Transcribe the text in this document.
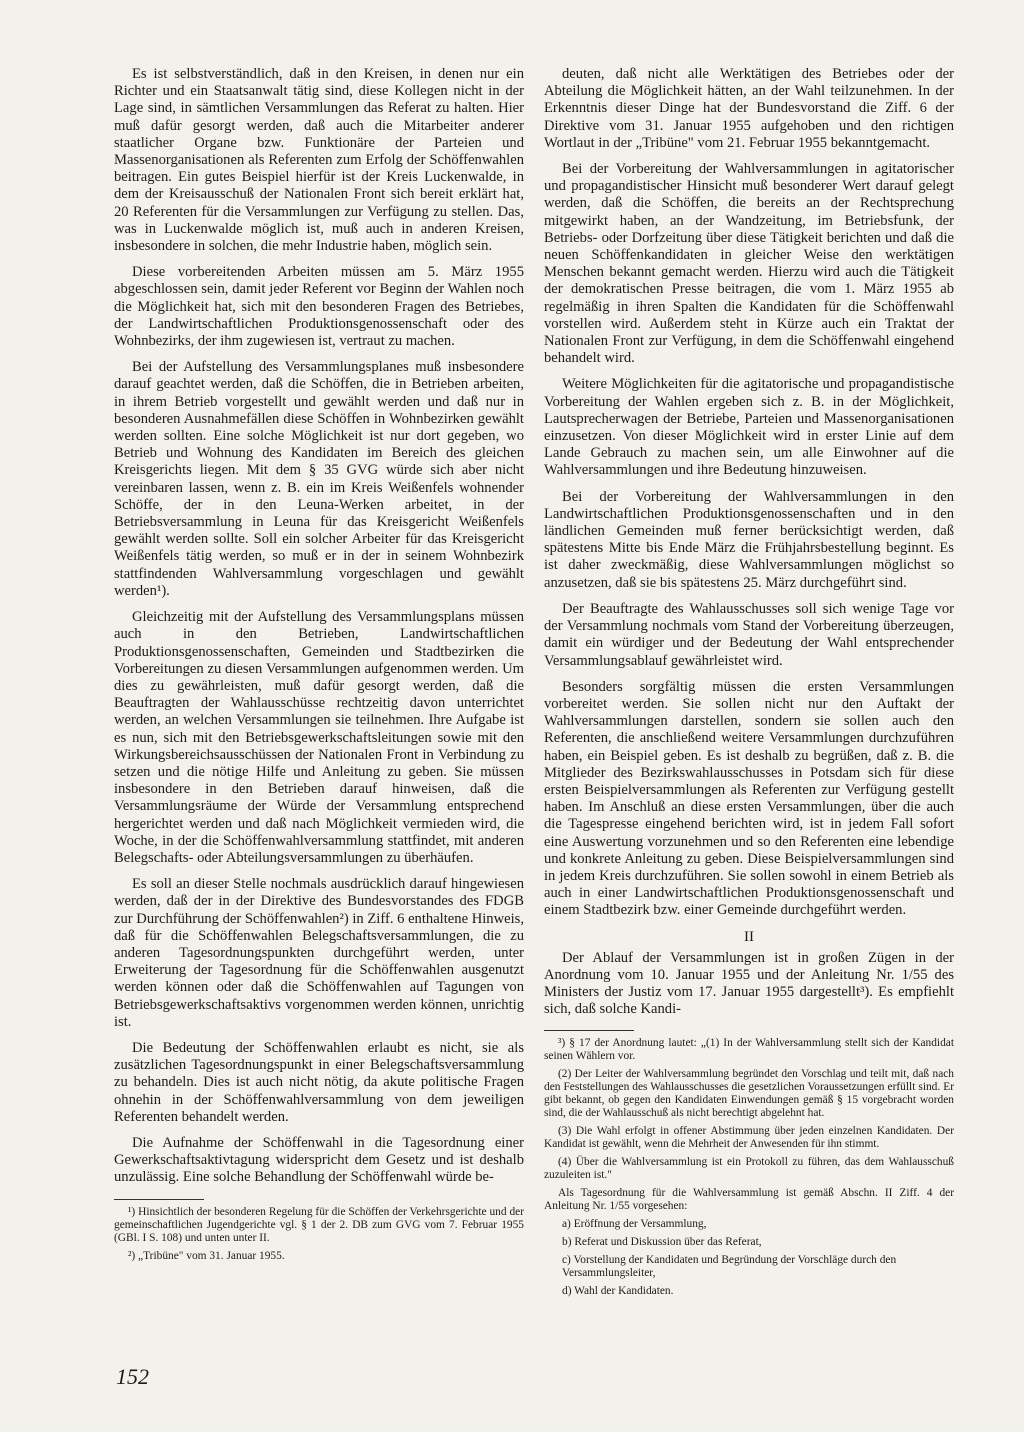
Es ist selbstverständlich, daß in den Kreisen, in denen nur ein Richter und ein Staatsanwalt tätig sind, diese Kollegen nicht in der Lage sind, in sämtlichen Versammlungen das Referat zu halten. Hier muß dafür gesorgt werden, daß auch die Mitarbeiter anderer staatlicher Organe bzw. Funktionäre der Parteien und Massenorganisationen als Referenten zum Erfolg der Schöffenwahlen beitragen. Ein gutes Beispiel hierfür ist der Kreis Luckenwalde, in dem der Kreisausschuß der Nationalen Front sich bereit erklärt hat, 20 Referenten für die Versammlungen zur Verfügung zu stellen. Das, was in Luckenwalde möglich ist, muß auch in anderen Kreisen, insbesondere in solchen, die mehr Industrie haben, möglich sein.

Diese vorbereitenden Arbeiten müssen am 5. März 1955 abgeschlossen sein, damit jeder Referent vor Beginn der Wahlen noch die Möglichkeit hat, sich mit den besonderen Fragen des Betriebes, der Landwirtschaftlichen Produktionsgenossenschaft oder des Wohnbezirks, der ihm zugewiesen ist, vertraut zu machen.

Bei der Aufstellung des Versammlungsplanes muß insbesondere darauf geachtet werden, daß die Schöffen, die in Betrieben arbeiten, in ihrem Betrieb vorgestellt und gewählt werden und daß nur in besonderen Ausnahmefällen diese Schöffen in Wohnbezirken gewählt werden sollten. Eine solche Möglichkeit ist nur dort gegeben, wo Betrieb und Wohnung des Kandidaten im Bereich des gleichen Kreisgerichts liegen. Mit dem § 35 GVG würde sich aber nicht vereinbaren lassen, wenn z. B. ein im Kreis Weißenfels wohnender Schöffe, der in den Leuna-Werken arbeitet, in der Betriebsversammlung in Leuna für das Kreisgericht Weißenfels gewählt werden sollte. Soll ein solcher Arbeiter für das Kreisgericht Weißenfels tätig werden, so muß er in der in seinem Wohnbezirk stattfindenden Wahlversammlung vorgeschlagen und gewählt werden¹).

Gleichzeitig mit der Aufstellung des Versammlungsplans müssen auch in den Betrieben, Landwirtschaftlichen Produktionsgenossenschaften, Gemeinden und Stadtbezirken die Vorbereitungen zu diesen Versammlungen aufgenommen werden. Um dies zu gewährleisten, muß dafür gesorgt werden, daß die Beauftragten der Wahlausschüsse rechtzeitig davon unterrichtet werden, an welchen Versammlungen sie teilnehmen. Ihre Aufgabe ist es nun, sich mit den Betriebsgewerkschaftsleitungen sowie mit den Wirkungsbereichsausschüssen der Nationalen Front in Verbindung zu setzen und die nötige Hilfe und Anleitung zu geben. Sie müssen insbesondere in den Betrieben darauf hinweisen, daß die Versammlungsräume der Würde der Versammlung entsprechend hergerichtet werden und daß nach Möglichkeit vermieden wird, die Woche, in der die Schöffenwahlversammlung stattfindet, mit anderen Belegschafts- oder Abteilungsversammlungen zu überhäufen.

Es soll an dieser Stelle nochmals ausdrücklich darauf hingewiesen werden, daß der in der Direktive des Bundesvorstandes des FDGB zur Durchführung der Schöffenwahlen²) in Ziff. 6 enthaltene Hinweis, daß für die Schöffenwahlen Belegschaftsversammlungen, die zu anderen Tagesordnungspunkten durchgeführt werden, unter Erweiterung der Tagesordnung für die Schöffenwahlen ausgenutzt werden können oder daß die Schöffenwahlen auf Tagungen von Betriebsgewerkschaftsaktivs vorgenommen werden können, unrichtig ist.

Die Bedeutung der Schöffenwahlen erlaubt es nicht, sie als zusätzlichen Tagesordnungspunkt in einer Belegschaftsversammlung zu behandeln. Dies ist auch nicht nötig, da akute politische Fragen ohnehin in der Schöffenwahlversammlung von dem jeweiligen Referenten behandelt werden.

Die Aufnahme der Schöffenwahl in die Tagesordnung einer Gewerkschaftsaktivtagung widerspricht dem Gesetz und ist deshalb unzulässig. Eine solche Behandlung der Schöffenwahl würde be-

¹) Hinsichtlich der besonderen Regelung für die Schöffen der Verkehrsgerichte und der gemeinschaftlichen Jugendgerichte vgl. § 1 der 2. DB zum GVG vom 7. Februar 1955 (GBl. I S. 108) und unten unter II.

²) „Tribüne" vom 31. Januar 1955.

deuten, daß nicht alle Werktätigen des Betriebes oder der Abteilung die Möglichkeit hätten, an der Wahl teilzunehmen. In der Erkenntnis dieser Dinge hat der Bundesvorstand die Ziff. 6 der Direktive vom 31. Januar 1955 aufgehoben und den richtigen Wortlaut in der „Tribüne" vom 21. Februar 1955 bekanntgemacht.

Bei der Vorbereitung der Wahlversammlungen in agitatorischer und propagandistischer Hinsicht muß besonderer Wert darauf gelegt werden, daß die Schöffen, die bereits an der Rechtsprechung mitgewirkt haben, an der Wandzeitung, im Betriebsfunk, der Betriebs- oder Dorfzeitung über diese Tätigkeit berichten und daß die neuen Schöffenkandidaten in gleicher Weise den werktätigen Menschen bekannt gemacht werden. Hierzu wird auch die Tätigkeit der demokratischen Presse beitragen, die vom 1. März 1955 ab regelmäßig in ihren Spalten die Kandidaten für die Schöffenwahl vorstellen wird. Außerdem steht in Kürze auch ein Traktat der Nationalen Front zur Verfügung, in dem die Schöffenwahl eingehend behandelt wird.

Weitere Möglichkeiten für die agitatorische und propagandistische Vorbereitung der Wahlen ergeben sich z. B. in der Möglichkeit, Lautsprecherwagen der Betriebe, Parteien und Massenorganisationen einzusetzen. Von dieser Möglichkeit wird in erster Linie auf dem Lande Gebrauch zu machen sein, um alle Einwohner auf die Wahlversammlungen und ihre Bedeutung hinzuweisen.

Bei der Vorbereitung der Wahlversammlungen in den Landwirtschaftlichen Produktionsgenossenschaften und in den ländlichen Gemeinden muß ferner berücksichtigt werden, daß spätestens Mitte bis Ende März die Frühjahrsbestellung beginnt. Es ist daher zweckmäßig, diese Wahlversammlungen möglichst so anzusetzen, daß sie bis spätestens 25. März durchgeführt sind.

Der Beauftragte des Wahlausschusses soll sich wenige Tage vor der Versammlung nochmals vom Stand der Vorbereitung überzeugen, damit ein würdiger und der Bedeutung der Wahl entsprechender Versammlungsablauf gewährleistet wird.

Besonders sorgfältig müssen die ersten Versammlungen vorbereitet werden. Sie sollen nicht nur den Auftakt der Wahlversammlungen darstellen, sondern sie sollen auch den Referenten, die anschließend weitere Versammlungen durchzuführen haben, ein Beispiel geben. Es ist deshalb zu begrüßen, daß z. B. die Mitglieder des Bezirkswahlausschusses in Potsdam sich für diese ersten Beispielversammlungen als Referenten zur Verfügung gestellt haben. Im Anschluß an diese ersten Versammlungen, über die auch die Tagespresse eingehend berichten wird, ist in jedem Fall sofort eine Auswertung vorzunehmen und so den Referenten eine lebendige und konkrete Anleitung zu geben. Diese Beispielversammlungen sind in jedem Kreis durchzuführen. Sie sollen sowohl in einem Betrieb als auch in einer Landwirtschaftlichen Produktionsgenossenschaft und einem Stadtbezirk bzw. einer Gemeinde durchgeführt werden.

II

Der Ablauf der Versammlungen ist in großen Zügen in der Anordnung vom 10. Januar 1955 und der Anleitung Nr. 1/55 des Ministers der Justiz vom 17. Januar 1955 dargestellt³). Es empfiehlt sich, daß solche Kandi-

³) § 17 der Anordnung lautet: „(1) In der Wahlversammlung stellt sich der Kandidat seinen Wählern vor.

(2) Der Leiter der Wahlversammlung begründet den Vorschlag und teilt mit, daß nach den Feststellungen des Wahlausschusses die gesetzlichen Voraussetzungen erfüllt sind. Er gibt bekannt, ob gegen den Kandidaten Einwendungen gemäß § 15 vorgebracht worden sind, die der Wahlausschuß als nicht berechtigt abgelehnt hat.

(3) Die Wahl erfolgt in offener Abstimmung über jeden einzelnen Kandidaten. Der Kandidat ist gewählt, wenn die Mehrheit der Anwesenden für ihn stimmt.

(4) Über die Wahlversammlung ist ein Protokoll zu führen, das dem Wahlausschuß zuzuleiten ist."

Als Tagesordnung für die Wahlversammlung ist gemäß Abschn. II Ziff. 4 der Anleitung Nr. 1/55 vorgesehen:

a) Eröffnung der Versammlung,
b) Referat und Diskussion über das Referat,
c) Vorstellung der Kandidaten und Begründung der Vorschläge durch den Versammlungsleiter,
d) Wahl der Kandidaten.
152
